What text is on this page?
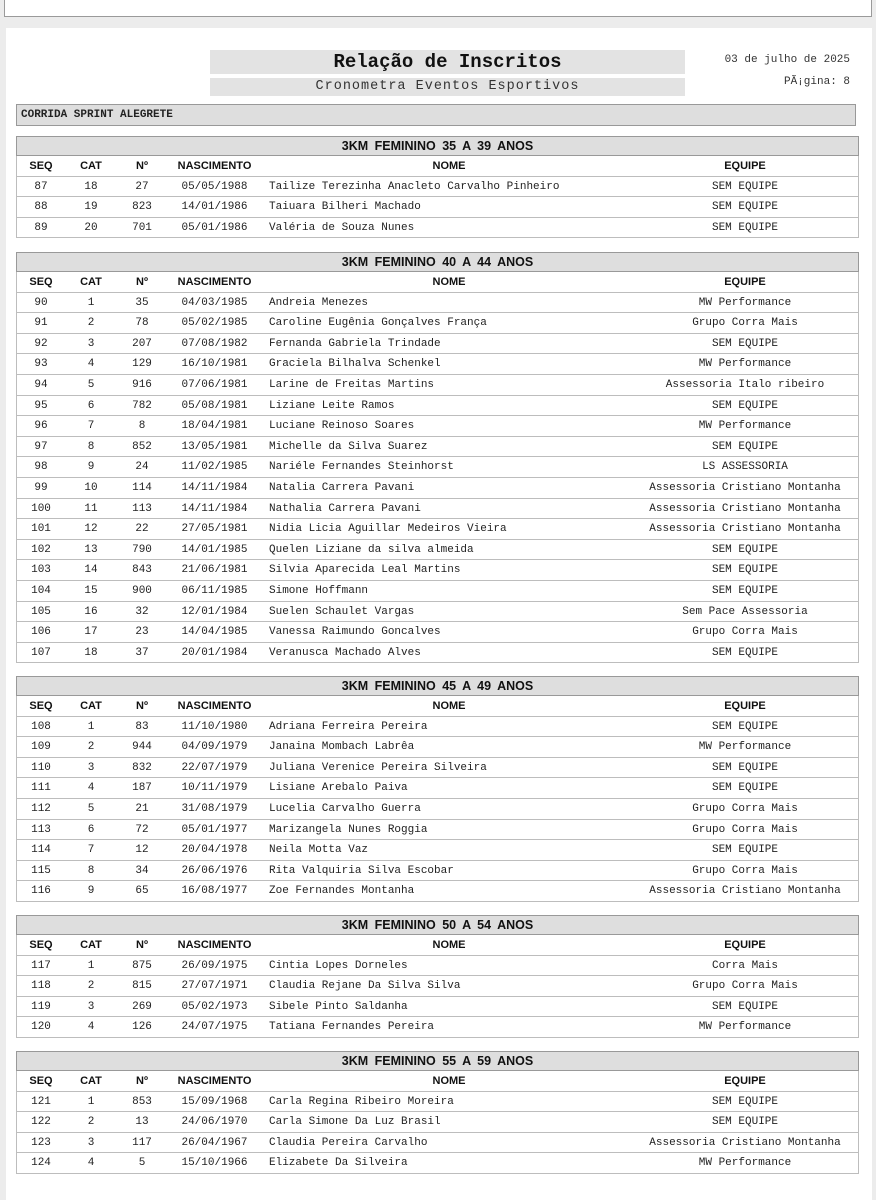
Relação de Inscritos
Cronometra Eventos Esportivos
03 de julho de 2025
PÃ¡gina: 8
CORRIDA SPRINT ALEGRETE
3KM FEMININO 35 A 39 ANOS
SEQ	CAT	Nº	NASCIMENTO	NOME	EQUIPE
87	18	27	05/05/1988	Tailize Terezinha Anacleto Carvalho Pinheiro	SEM EQUIPE
88	19	823	14/01/1986	Taiuara Bilheri Machado	SEM EQUIPE
89	20	701	05/01/1986	Valéria de Souza Nunes	SEM EQUIPE
3KM FEMININO 40 A 44 ANOS
SEQ	CAT	Nº	NASCIMENTO	NOME	EQUIPE
90	1	35	04/03/1985	Andreia Menezes	MW Performance
91	2	78	05/02/1985	Caroline Eugênia Gonçalves França	Grupo Corra Mais
92	3	207	07/08/1982	Fernanda Gabriela Trindade	SEM EQUIPE
93	4	129	16/10/1981	Graciela Bilhalva Schenkel	MW Performance
94	5	916	07/06/1981	Larine de Freitas Martins	Assessoria Italo ribeiro
95	6	782	05/08/1981	Liziane Leite Ramos	SEM EQUIPE
96	7	8	18/04/1981	Luciane Reinoso Soares	MW Performance
97	8	852	13/05/1981	Michelle da Silva Suarez	SEM EQUIPE
98	9	24	11/02/1985	Nariéle Fernandes Steinhorst	LS ASSESSORIA
99	10	114	14/11/1984	Natalia Carrera Pavani	Assessoria Cristiano Montanha
100	11	113	14/11/1984	Nathalia Carrera Pavani	Assessoria Cristiano Montanha
101	12	22	27/05/1981	Nidia Licia Aguillar Medeiros Vieira	Assessoria Cristiano Montanha
102	13	790	14/01/1985	Quelen Liziane da silva almeida	SEM EQUIPE
103	14	843	21/06/1981	Silvia Aparecida Leal Martins	SEM EQUIPE
104	15	900	06/11/1985	Simone Hoffmann	SEM EQUIPE
105	16	32	12/01/1984	Suelen Schaulet Vargas	Sem Pace Assessoria
106	17	23	14/04/1985	Vanessa Raimundo Goncalves	Grupo Corra Mais
107	18	37	20/01/1984	Veranusca Machado Alves	SEM EQUIPE
3KM FEMININO 45 A 49 ANOS
SEQ	CAT	Nº	NASCIMENTO	NOME	EQUIPE
108	1	83	11/10/1980	Adriana Ferreira Pereira	SEM EQUIPE
109	2	944	04/09/1979	Janaina Mombach Labrêa	MW Performance
110	3	832	22/07/1979	Juliana Verenice Pereira Silveira	SEM EQUIPE
111	4	187	10/11/1979	Lisiane Arebalo Paiva	SEM EQUIPE
112	5	21	31/08/1979	Lucelia Carvalho Guerra	Grupo Corra Mais
113	6	72	05/01/1977	Marizangela Nunes Roggia	Grupo Corra Mais
114	7	12	20/04/1978	Neila Motta Vaz	SEM EQUIPE
115	8	34	26/06/1976	Rita Valquiria Silva Escobar	Grupo Corra Mais
116	9	65	16/08/1977	Zoe Fernandes Montanha	Assessoria Cristiano Montanha
3KM FEMININO 50 A 54 ANOS
SEQ	CAT	Nº	NASCIMENTO	NOME	EQUIPE
117	1	875	26/09/1975	Cintia Lopes Dorneles	Corra Mais
118	2	815	27/07/1971	Claudia Rejane Da Silva Silva	Grupo Corra Mais
119	3	269	05/02/1973	Sibele Pinto Saldanha	SEM EQUIPE
120	4	126	24/07/1975	Tatiana Fernandes Pereira	MW Performance
3KM FEMININO 55 A 59 ANOS
SEQ	CAT	Nº	NASCIMENTO	NOME	EQUIPE
121	1	853	15/09/1968	Carla Regina Ribeiro Moreira	SEM EQUIPE
122	2	13	24/06/1970	Carla Simone Da Luz Brasil	SEM EQUIPE
123	3	117	26/04/1967	Claudia Pereira Carvalho	Assessoria Cristiano Montanha
124	4	5	15/10/1966	Elizabete Da Silveira	MW Performance
